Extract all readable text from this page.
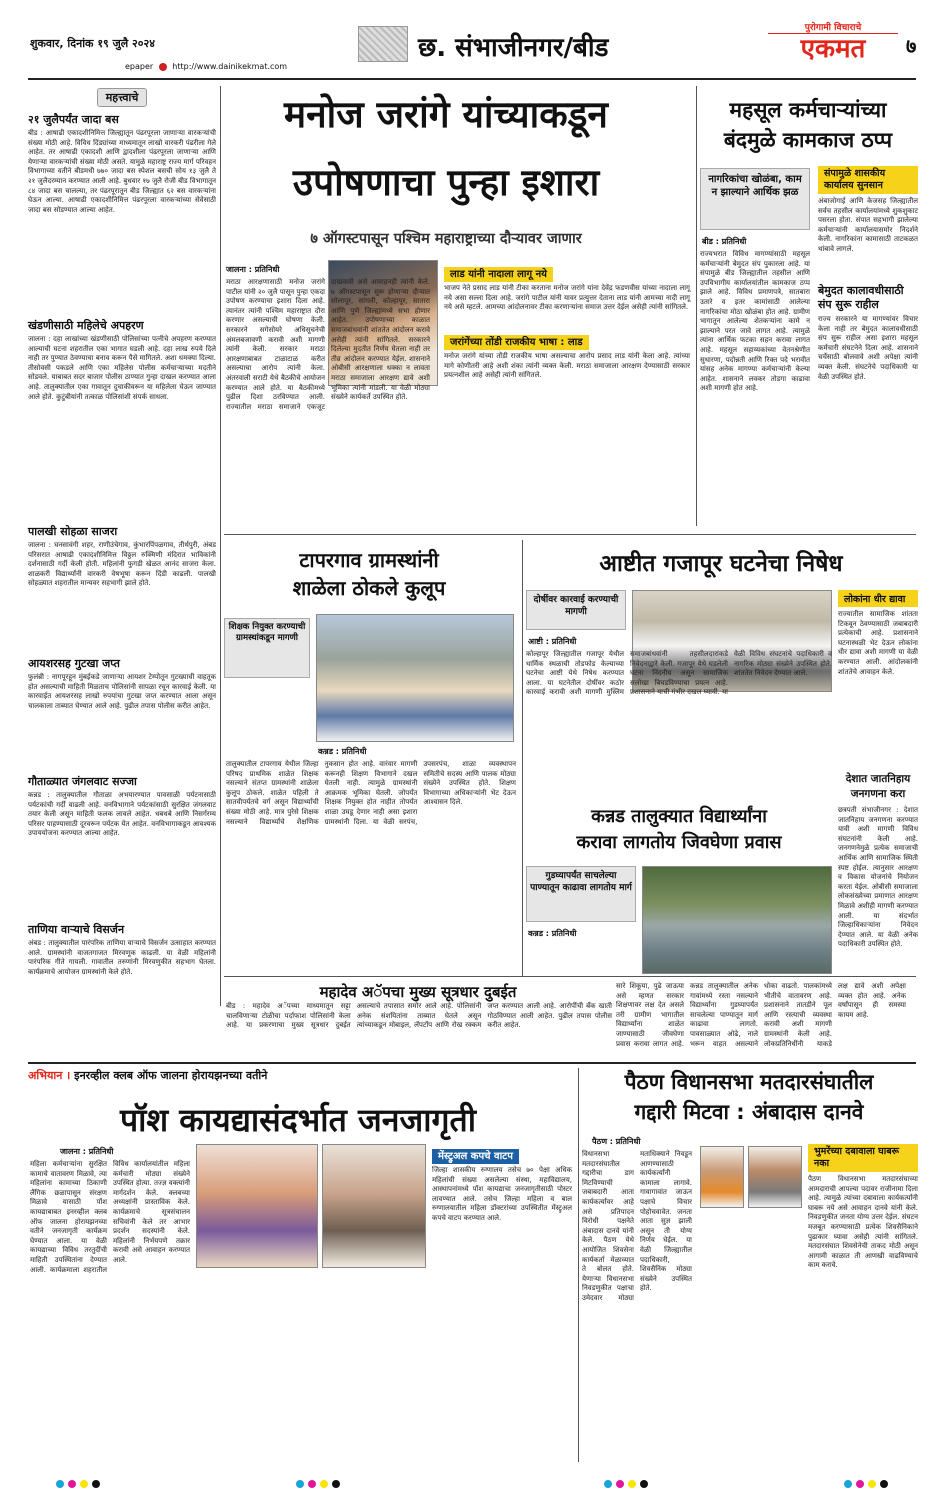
शुकवार, दिनांक १९ जुलै २०२४
epaper http://www.dainikekmat.com
छ. संभाजीनगर/बीड
पुरोगामी विचाराचे
एकमत	७
महत्त्वाचे
२१ जुलैपर्यंत जादा बस
बीड : आषाढी एकादशीनिमित्त जिल्ह्यातून पंढरपूरला जाणाऱ्या वारकऱ्यांची संख्या मोठी आहे. विविध दिंड्यांच्या माध्यमातून लाखो वारकरी पंढरीला गेले आहेत. तर आषाढी एकादशी आणि द्वादशीला पंढरपूरला जाणाऱ्या आणि येणाऱ्या वारकऱ्यांची संख्या मोठी असते. यामुळे महाराष्ट्र राज्य मार्ग परिवहन विभागाच्या वतीने बीडमधी ७७० जादा बस स्पेशल बसची सोय १३ जुलै ते २१ जुलैदरम्यान करण्यात आली आहे. बुधवार १७ जुलै रोजी बीड विभागातून ८४ जादा बस चालल्या, तर पंढरपूरातून बीड जिल्ह्यात ६२ बस वारकऱ्यांना घेऊन आल्या. आषाढी एकादशीनिमित्त पंढरपूरला वारकऱ्यांच्या सेवेसाठी जादा बस सोडण्यात आल्या आहेत.
खंडणीसाठी महिलेचे अपहरण
जालना : दहा लाखांच्या खंडणीसाठी पोलिसांच्या पत्नीचे अपहरण करण्यात आल्याची घटना शहरातील एका भागात घडली आहे. दहा लाख रुपये दिले नाही तर पुण्यात ठेवण्याचा बनाव करून पैसे मागितले. अशा धमक्या दिल्या. तीसोवसी पकडले आणि एका महिलेस पोलीस कर्मचाऱ्याच्या मदतीने सोडवले. याबाबत सदर बाजार पोलीस ठाण्यात गुन्हा दाखल करण्यात आला आहे. तालुक्यातील एका गावातून दुचाकीवरून या महिलेला घेऊन जाण्यात आले होते. कुटुंबीयांनी तत्काळ पोलिसांशी संपर्क साधला.
पालखी सोहळा साजरा
जालना : घनसावंगी शहर, राणीउंचेगाव, कुंभारपिंपळगाव, तीर्थपुरी, अंबड परिसरात आषाढी एकादशीनिमित्त विठ्ठल रुक्मिणी मंदिरात भाविकांनी दर्शनासाठी गर्दी केली होती. महिलांनी फुगडी खेळत आनंद साजरा केला. शाळकरी विद्यार्थ्यांनी वारकरी वेषभूषा करून दिंडी काढली. पालखी सोहळ्यात शहरातील मान्यवर सहभागी झाले होते.
आयशरसह गुटखा जप्त
फुलंब्री : नागपूरहून मुंबईकडे जाणाऱ्या आयशर टेम्पोतून गुटख्याची वाहतूक होत असल्याची माहिती मिळताच पोलिसांनी सापळा रचून कारवाई केली. या कारवाईत आयशरसह लाखो रुपयांचा गुटखा जप्त करण्यात आला असून चालकाला ताब्यात घेण्यात आले आहे. पुढील तपास पोलीस करीत आहेत.
गौताळ्यात जंगलवाट सज्जा
कन्नड : तालुक्यातील गौताळा अभयारण्यात पावसाळी पर्यटनासाठी पर्यटकांची गर्दी वाढली आहे. वनविभागाने पर्यटकांसाठी सुरक्षित जंगलवाट तयार केली असून माहिती फलक लावले आहेत. धबधबे आणि निसर्गरम्य परिसर पाहण्यासाठी दूरवरून पर्यटक येत आहेत. वनविभागाकडून आवश्यक उपाययोजना करण्यात आल्या आहेत.
ताणिया वाऱ्याचे विसर्जन
अंबड : तालुक्यातील पारंपरिक ताणिया वाऱ्याचे विसर्जन उत्साहात करण्यात आले. ग्रामस्थांनी वाजतगाजत मिरवणूक काढली. या वेळी महिलांनी पारंपरिक गीते गायली. गावातील तरुणांनी मिरवणुकीत सहभाग घेतला. कार्यक्रमाचे आयोजन ग्रामस्थांनी केले होते.
मनोज जरांगे यांच्याकडून
उपोषणाचा पुन्हा इशारा
७ ऑगस्टपासून पश्चिम महाराष्ट्राच्या दौऱ्यावर जाणार
जालना : प्रतिनिधी
मराठा आरक्षणासाठी मनोज जरांगे पाटील यांनी २० जुलै पासून पुन्हा एकदा उपोषण करण्याचा इशारा दिला आहे. त्यानंतर त्यांनी पश्चिम महाराष्ट्रात दौरा करणार असल्याची घोषणा केली. सरकारने सगेसोयरे अधिसूचनेची अंमलबजावणी करावी अशी मागणी त्यांनी केली. सरकार मराठा आरक्षणाबाबत टाळाटाळ करीत असल्याचा आरोप त्यांनी केला. अंतरवाली सराटी येथे बैठकीचे आयोजन करण्यात आले होते. या बैठकीमध्ये पुढील दिशा ठरविण्यात आली. राज्यातील मराठा समाजाने एकजूट दाखवावी असे आवाहनही त्यांनी केले. ७ ऑगस्टपासून सुरू होणाऱ्या दौऱ्यात सोलापूर, सांगली, कोल्हापूर, सातारा आणि पुणे जिल्ह्यांमध्ये सभा होणार आहेत. उपोषणाच्या काळात समाजबांधवांनी शांततेत आंदोलन करावे असेही त्यांनी सांगितले. सरकारने दिलेल्या मुदतीत निर्णय घेतला नाही तर तीव्र आंदोलन करण्यात येईल. शासनाने ओबीसी आरक्षणाला धक्का न लावता मराठा समाजाला आरक्षण द्यावे अशी भूमिका त्यांनी मांडली. या वेळी मोठ्या संख्येने कार्यकर्ते उपस्थित होते.
लाड यांनी नादाला लागू नये
भाजप नेते प्रसाद लाड यांनी टीका करताना मनोज जरांगे यांना देवेंद्र फडणवीस यांच्या नादाला लागू नये असा सल्ला दिला आहे. जरांगे पाटील यांनी यावर प्रत्युत्तर देताना लाड यांनी आमच्या नादी लागू नये असे म्हटले. आमच्या आंदोलनावर टीका करणाऱ्यांना समाज उत्तर देईल असेही त्यांनी सांगितले.
जरांगेंच्या तोंडी राजकीय भाषा : लाड
मनोज जरांगे यांच्या तोंडी राजकीय भाषा असल्याचा आरोप प्रसाद लाड यांनी केला आहे. त्यांच्या मागे कोणीतरी आहे अशी शंका त्यांनी व्यक्त केली. मराठा समाजाला आरक्षण देण्यासाठी सरकार प्रयत्नशील आहे असेही त्यांनी सांगितले.
महसूल कर्मचाऱ्यांच्या
बंदमुळे कामकाज ठप्प
नागरिकांचा खोळंबा, काम न झाल्याने आर्थिक झळ
बीड : प्रतिनिधी
राज्यभरात विविध मागण्यांसाठी महसूल कर्मचाऱ्यांनी बेमुदत संप पुकारला आहे. या संपामुळे बीड जिल्ह्यातील तहसील आणि उपविभागीय कार्यालयांतील कामकाज ठप्प झाले आहे. विविध प्रमाणपत्रे, सातबारा उतारे व इतर कामांसाठी आलेल्या नागरिकांचा मोठा खोळंबा होत आहे. ग्रामीण भागातून आलेल्या शेतकऱ्यांना कामे न झाल्याने परत जावे लागत आहे. त्यामुळे त्यांना आर्थिक फटका सहन करावा लागत आहे. महसूल सहाय्यकांच्या वेतनश्रेणीत सुधारणा, पदोन्नती आणि रिक्त पदे भरावीत यांसह अनेक मागण्या कर्मचाऱ्यांनी केल्या आहेत. शासनाने लवकर तोडगा काढावा अशी मागणी होत आहे.
संपामुळे शासकीय कार्यालय सुनसान
अंबाजोगाई आणि केजसह जिल्ह्यातील सर्वच तहसील कार्यालयांमध्ये शुकशुकाट पसरला होता. संपात सहभागी झालेल्या कर्मचाऱ्यांनी कार्यालयासमोर निदर्शने केली. नागरिकांना कामासाठी ताटकळत थांबावे लागले.
बेमुदत कालावधीसाठी संप सुरू राहील
राज्य सरकारने या मागण्यांवर विचार केला नाही तर बेमुदत कालावधीसाठी संप सुरू राहील असा इशारा महसूल कर्मचारी संघटनेने दिला आहे. शासनाने चर्चेसाठी बोलवावे अशी अपेक्षा त्यांनी व्यक्त केली. संघटनेचे पदाधिकारी या वेळी उपस्थित होते.
टापरगाव ग्रामस्थांनी
शाळेला ठोकले कुलूप
शिक्षक नियुक्त करण्याची ग्रामस्थांकडून मागणी
कन्नड : प्रतिनिधी
तालुक्यातील टापरगाव येथील जिल्हा परिषद प्राथमिक शाळेत शिक्षक नसल्याने संतप्त ग्रामस्थांनी शाळेला कुलूप ठोकले. शाळेत पहिली ते सातवीपर्यंतचे वर्ग असून विद्यार्थ्यांची संख्या मोठी आहे. मात्र पुरेसे शिक्षक नसल्याने विद्यार्थ्यांचे शैक्षणिक नुकसान होत आहे. वारंवार मागणी करूनही शिक्षण विभागाने दखल घेतली नाही. त्यामुळे ग्रामस्थांनी आक्रमक भूमिका घेतली. जोपर्यंत शिक्षक नियुक्त होत नाहीत तोपर्यंत शाळा उघडू देणार नाही असा इशारा ग्रामस्थांनी दिला. या वेळी सरपंच, उपसरपंच, शाळा व्यवस्थापन समितीचे सदस्य आणि पालक मोठ्या संख्येने उपस्थित होते. शिक्षण विभागाच्या अधिकाऱ्यांनी भेट देऊन आश्वासन दिले.
महादेव अॅपचा मुख्य सूत्रधार दुबईत
बीड : महादेव अॅपच्या माध्यमातून सट्टा चालविणाऱ्या टोळीचा पर्दाफाश पोलिसांनी केला आहे. या प्रकरणाचा मुख्य सूत्रधार दुबईत असल्याचे तपासात समोर आले आहे. पोलिसांनी अनेक संशयितांना ताब्यात घेतले असून त्यांच्याकडून मोबाइल, लॅपटॉप आणि रोख रक्कम जप्त करण्यात आली आहे. आरोपींची बँक खाती गोठविण्यात आली आहेत. पुढील तपास पोलीस करीत आहेत.
आष्टीत गजापूर घटनेचा निषेध
दोषींवर कारवाई करण्याची मागणी
आष्टी : प्रतिनिधी
कोल्हापूर जिल्ह्यातील गजापूर येथील धार्मिक स्थळाची तोडफोड केल्याच्या घटनेचा आष्टी येथे निषेध करण्यात आला. या घटनेतील दोषींवर कठोर कारवाई करावी अशी मागणी मुस्लिम समाजबांधवांनी तहसीलदारांकडे निवेदनाद्वारे केली. गजापूर येथे घडलेली घटना निंदनीय असून सामाजिक सलोखा बिघडविण्याचा प्रयत्न आहे. प्रशासनाने याची गंभीर दखल घ्यावी. या वेळी विविध संघटनांचे पदाधिकारी व नागरिक मोठ्या संख्येने उपस्थित होते. शांततेत निवेदन देण्यात आले.
लोकांना धीर द्यावा
राज्यातील सामाजिक शांतता टिकवून ठेवण्यासाठी जबाबदारी प्रत्येकाची आहे. प्रशासनाने घटनास्थळी भेट देऊन लोकांना धीर द्यावा अशी मागणी या वेळी करण्यात आली. आंदोलकांनी शांततेचे आवाहन केले.
देशात जातनिहाय जनगणना करा
छत्रपती संभाजीनगर : देशात जातनिहाय जनगणना करण्यात यावी अशी मागणी विविध संघटनांनी केली आहे. जनगणनेमुळे प्रत्येक समाजाची आर्थिक आणि सामाजिक स्थिती स्पष्ट होईल. त्यानुसार आरक्षण व विकास योजनांचे नियोजन करता येईल. ओबीसी समाजाला लोकसंख्येच्या प्रमाणात आरक्षण मिळावे अशीही मागणी करण्यात आली. या संदर्भात जिल्हाधिकाऱ्यांना निवेदन देण्यात आले. या वेळी अनेक पदाधिकारी उपस्थित होते.
कन्नड तालुक्यात विद्यार्थ्यांना
करावा लागतोय जिवघेणा प्रवास
गुडघ्यापर्यंत साचलेल्या पाण्यातून काढावा लागतोय मार्ग
कन्नड : प्रतिनिधी
सारे शिकूया, पुढे जाऊया असे म्हणत सरकार शिक्षणावर लक्ष देत असले तरी ग्रामीण भागातील विद्यार्थ्यांना शाळेत जाण्यासाठी जीवघेणा प्रवास करावा लागत आहे. कन्नड तालुक्यातील अनेक गावांमध्ये रस्ता नसल्याने विद्यार्थ्यांना गुडघ्यापर्यंत साचलेल्या पाण्यातून मार्ग काढावा लागतो. पावसाळ्यात ओढे, नाले भरून वाहत असल्याने धोका वाढतो. पालकांमध्ये भीतीचे वातावरण आहे. प्रशासनाने तातडीने पूल आणि रस्त्याची व्यवस्था करावी अशी मागणी ग्रामस्थांनी केली आहे. लोकप्रतिनिधींनी याकडे लक्ष द्यावे अशी अपेक्षा व्यक्त होत आहे. अनेक वर्षांपासून ही समस्या कायम आहे.
अभियान । इनरव्हील क्लब ऑफ जालना होरायझनच्या वतीने
पॉश कायद्यासंदर्भात जनजागृती
जालना : प्रतिनिधी
महिला कर्मचाऱ्यांना सुरक्षित कामाचे वातावरण मिळावे, त्या महिलांना कामाच्या ठिकाणी लैंगिक छळापासून संरक्षण मिळावे यासाठी पॉश कायद्याबाबत इनरव्हील क्लब ऑफ जालना होरायझनच्या वतीने जनजागृती कार्यक्रम घेण्यात आला. या वेळी कायद्याच्या विविध तरतुदींची माहिती उपस्थितांना देण्यात आली. कार्यक्रमाला शहरातील विविध कार्यालयांतील महिला कर्मचारी मोठ्या संख्येने उपस्थित होत्या. तज्ज्ञ वक्त्यांनी मार्गदर्शन केले. क्लबच्या अध्यक्षांनी प्रास्ताविक केले. कार्यक्रमाचे सूत्रसंचालन सचिवांनी केले तर आभार प्रदर्शन सदस्यांनी केले. महिलांनी निर्भयपणे तक्रार करावी असे आवाहन करण्यात आले.
मेंस्ट्रुअल कपचे वाटप
जिल्हा शासकीय रुग्णालय तसेच ७० पेक्षा अधिक महिलांची संख्या असलेल्या संस्था, महाविद्यालय, आस्थापनांमध्ये पॉश कायद्याचा जनजागृतीसाठी पोस्टर लावण्यात आले. तसेच जिल्हा महिला व बाल रुग्णालयातील महिला डॉक्टरांच्या उपस्थितीत मेंस्ट्रुअल कपचे वाटप करण्यात आले.
पैठण विधानसभा मतदारसंघातील
गद्दारी मिटवा : अंबादास दानवे
पैठण : प्रतिनिधी
विधानसभा मतदारसंघातील गद्दारीचा डाग मिटविण्याची जबाबदारी आता कार्यकर्त्यांवर आहे असे प्रतिपादन विरोधी पक्षनेते अंबादास दानवे यांनी केले. पैठण येथे आयोजित शिवसेना कार्यकर्ता मेळाव्यात ते बोलत होते. येणाऱ्या विधानसभा निवडणुकीत पक्षाचा उमेदवार मोठ्या मताधिक्याने निवडून आणण्यासाठी कार्यकर्त्यांनी कामाला लागावे. गावागावांत जाऊन पक्षाचे विचार पोहोचवावेत. जनता आता सुज्ञ झाली असून ती योग्य निर्णय घेईल. या वेळी जिल्ह्यातील पदाधिकारी, शिवसैनिक मोठ्या संख्येने उपस्थित होते.
भुमरेंच्या दबावाला घाबरू नका
पैठण विधानसभा मतदारसंघाच्या आमदाराची आपल्या पदावर राजीनामा दिला आहे. त्यामुळे त्यांच्या दबावाला कार्यकर्त्यांनी घाबरू नये असे आवाहन दानवे यांनी केले. निवडणुकीत जनता योग्य उत्तर देईल. संघटन मजबूत करण्यासाठी प्रत्येक शिवसैनिकाने पुढाकार घ्यावा असेही त्यांनी सांगितले. मतदारसंघात शिवसेनेची ताकद मोठी असून आगामी काळात ती आणखी वाढविण्याचे काम करावे.
